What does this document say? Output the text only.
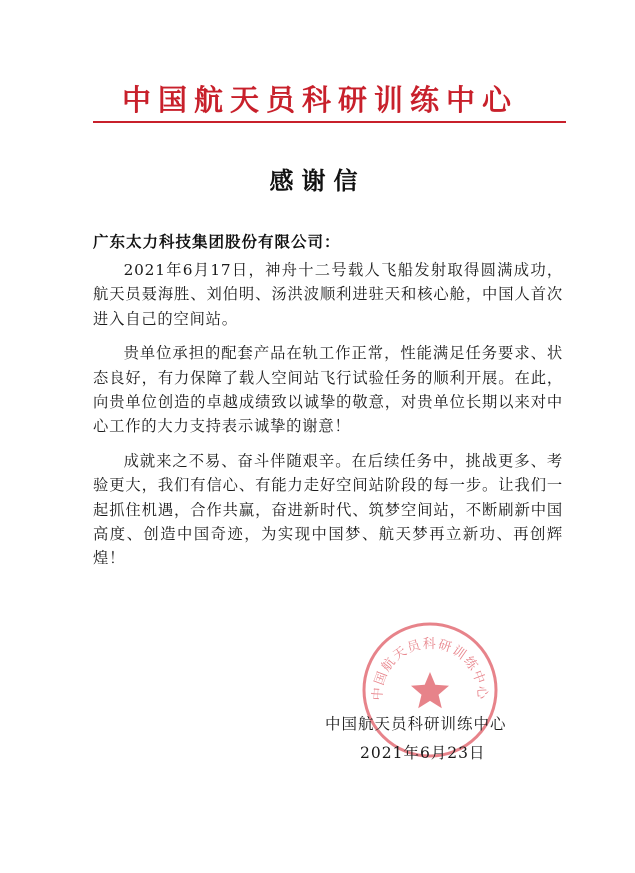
中国航天员科研训练中心
感谢信
广东太力科技集团股份有限公司：

2021年6月17日，神舟十二号载人飞船发射取得圆满成功，航天员聂海胜、刘伯明、汤洪波顺利进驻天和核心舱，中国人首次进入自己的空间站。

贵单位承担的配套产品在轨工作正常，性能满足任务要求、状态良好，有力保障了载人空间站飞行试验任务的顺利开展。在此，向贵单位创造的卓越成绩致以诚挚的敬意，对贵单位长期以来对中心工作的大力支持表示诚挚的谢意！

成就来之不易、奋斗伴随艰辛。在后续任务中，挑战更多、考验更大，我们有信心、有能力走好空间站阶段的每一步。让我们一起抓住机遇，合作共赢，奋进新时代、筑梦空间站，不断刷新中国高度、创造中国奇迹，为实现中国梦、航天梦再立新功、再创辉煌！

中国航天员科研训练中心
中国航天员科研训练中心
2021年6月23日
